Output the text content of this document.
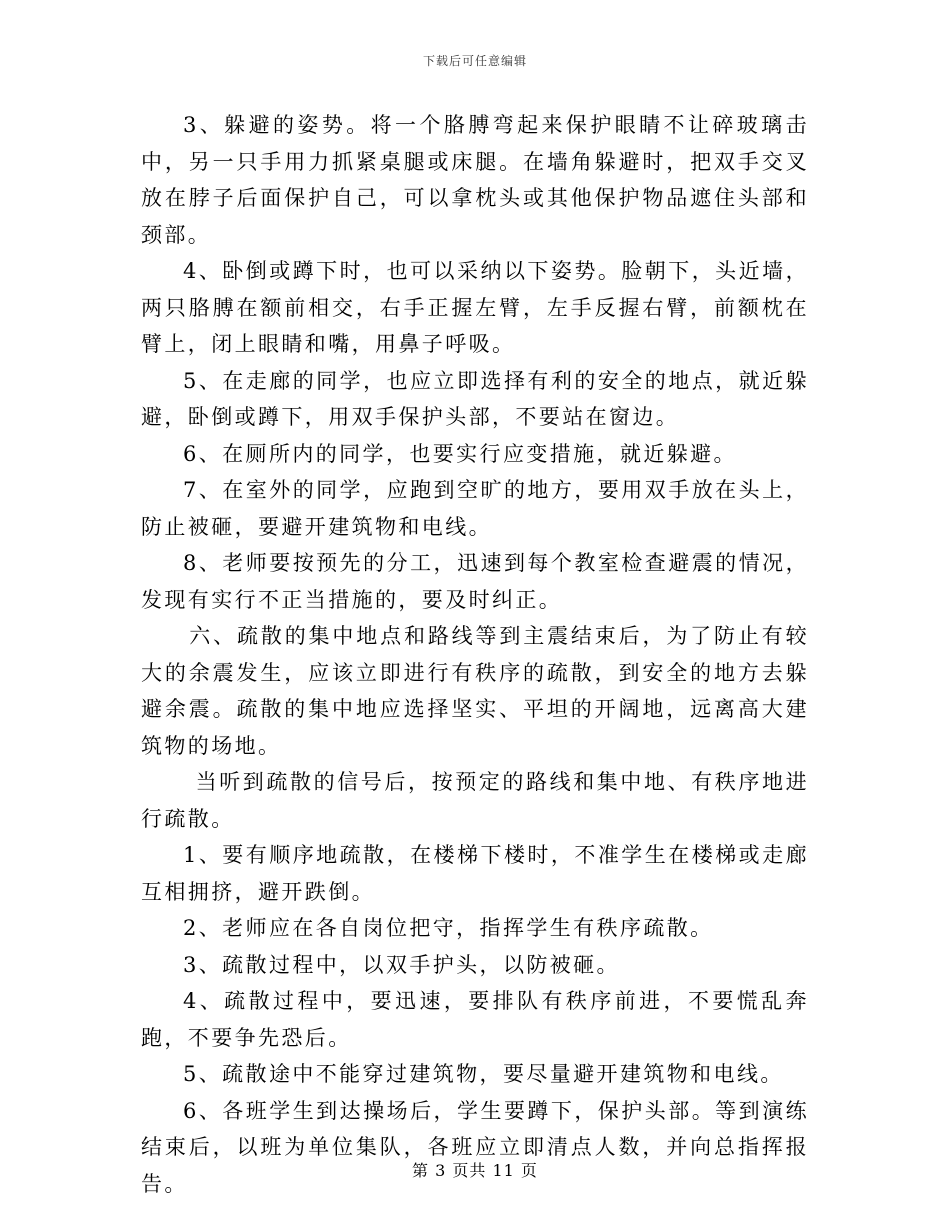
下载后可任意编辑

3、躲避的姿势。将一个胳膊弯起来保护眼睛不让碎玻璃击中，另一只手用力抓紧桌腿或床腿。在墙角躲避时，把双手交叉放在脖子后面保护自己，可以拿枕头或其他保护物品遮住头部和颈部。

4、卧倒或蹲下时，也可以采纳以下姿势。脸朝下，头近墙，两只胳膊在额前相交，右手正握左臂，左手反握右臂，前额枕在臂上，闭上眼睛和嘴，用鼻子呼吸。

5、在走廊的同学，也应立即选择有利的安全的地点，就近躲避，卧倒或蹲下，用双手保护头部，不要站在窗边。

6、在厕所内的同学，也要实行应变措施，就近躲避。

7、在室外的同学，应跑到空旷的地方，要用双手放在头上，防止被砸，要避开建筑物和电线。

8、老师要按预先的分工，迅速到每个教室检查避震的情况，发现有实行不正当措施的，要及时纠正。

六、疏散的集中地点和路线等到主震结束后，为了防止有较大的余震发生，应该立即进行有秩序的疏散，到安全的地方去躲避余震。疏散的集中地应选择坚实、平坦的开阔地，远离高大建筑物的场地。

当听到疏散的信号后，按预定的路线和集中地、有秩序地进行疏散。

1、要有顺序地疏散，在楼梯下楼时，不准学生在楼梯或走廊互相拥挤，避开跌倒。

2、老师应在各自岗位把守，指挥学生有秩序疏散。

3、疏散过程中，以双手护头，以防被砸。

4、疏散过程中，要迅速，要排队有秩序前进，不要慌乱奔跑，不要争先恐后。

5、疏散途中不能穿过建筑物，要尽量避开建筑物和电线。

6、各班学生到达操场后，学生要蹲下，保护头部。等到演练结束后，以班为单位集队，各班应立即清点人数，并向总指挥报告。

第 3 页共 11 页
